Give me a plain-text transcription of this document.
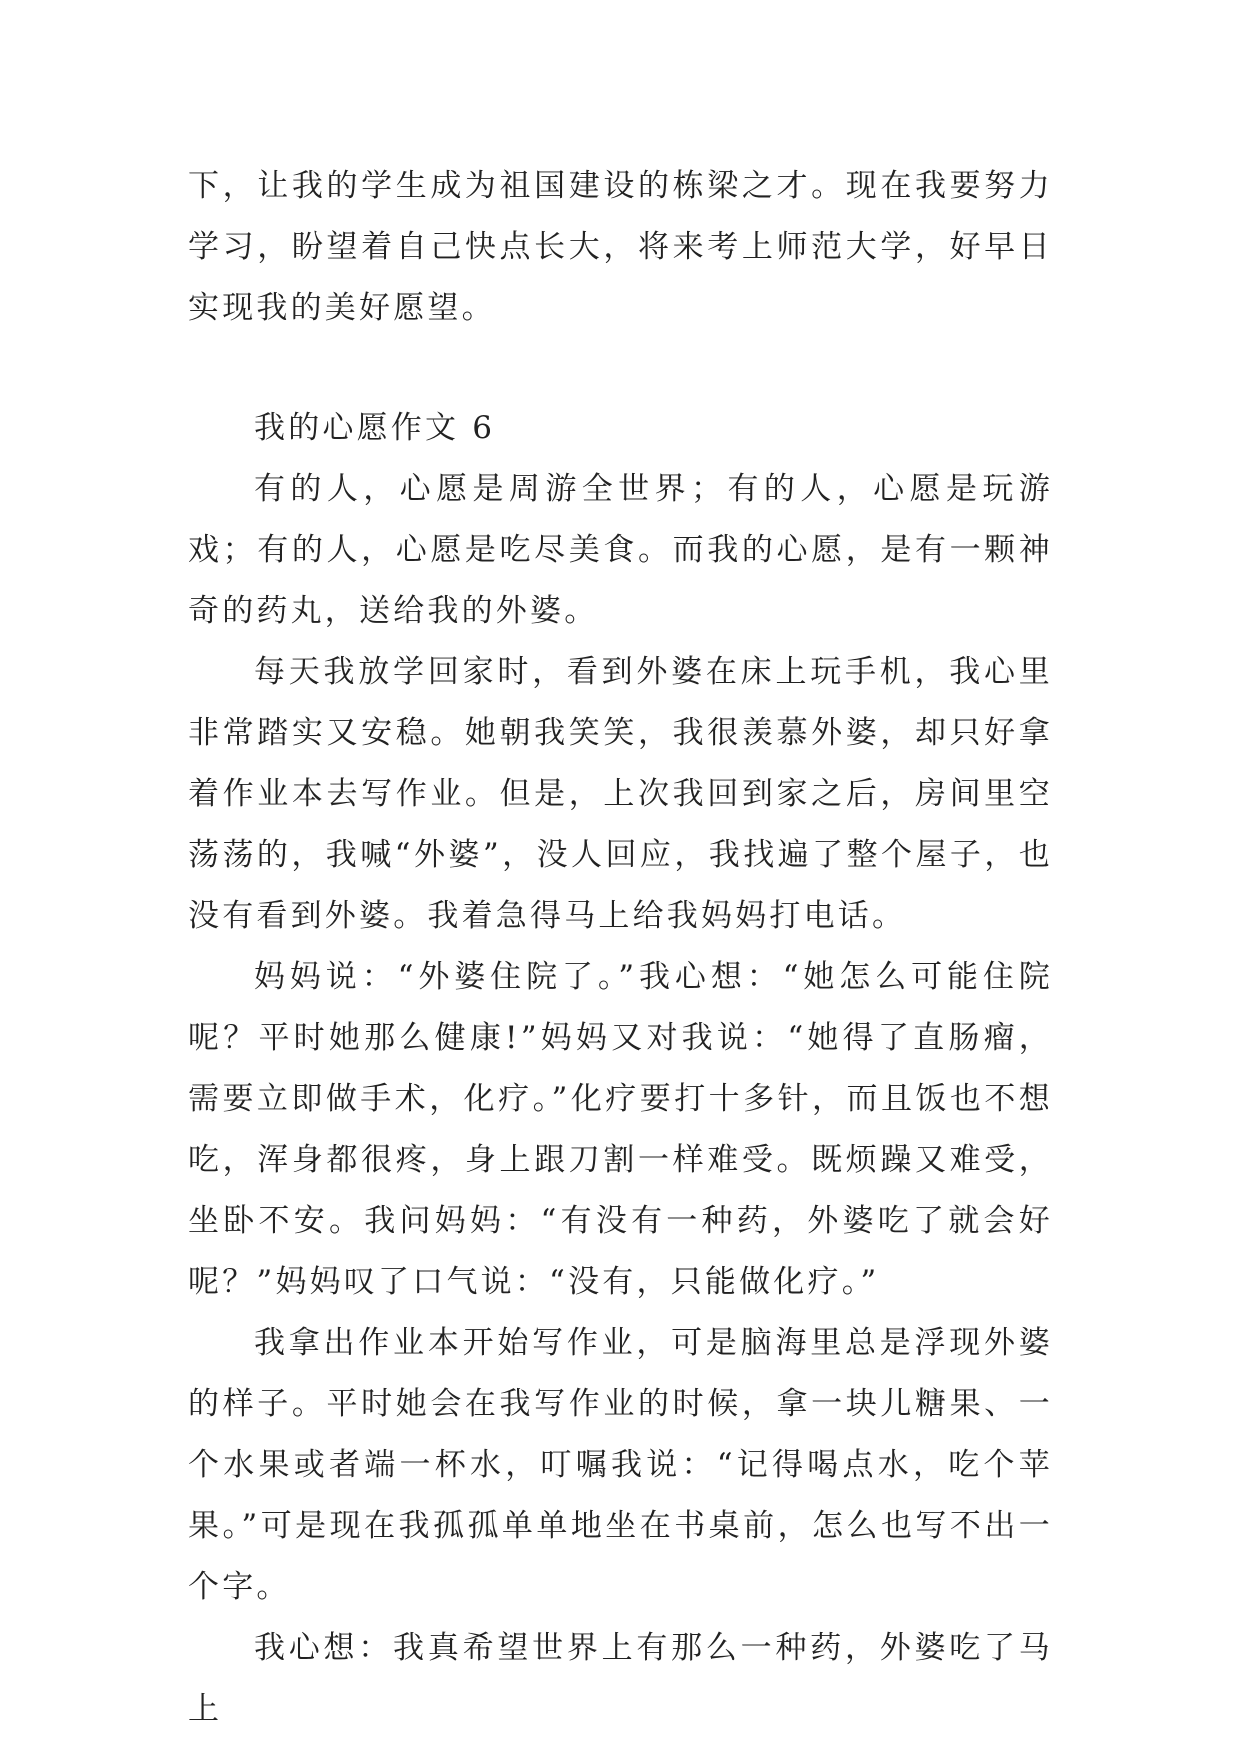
下，让我的学生成为祖国建设的栋梁之才。现在我要努力学习，盼望着自己快点长大，将来考上师范大学，好早日实现我的美好愿望。

我的心愿作文 6

有的人，心愿是周游全世界；有的人，心愿是玩游戏；有的人，心愿是吃尽美食。而我的心愿，是有一颗神奇的药丸，送给我的外婆。

每天我放学回家时，看到外婆在床上玩手机，我心里非常踏实又安稳。她朝我笑笑，我很羡慕外婆，却只好拿着作业本去写作业。但是，上次我回到家之后，房间里空荡荡的，我喊“外婆”，没人回应，我找遍了整个屋子，也没有看到外婆。我着急得马上给我妈妈打电话。

妈妈说：“外婆住院了。”我心想：“她怎么可能住院呢？平时她那么健康!”妈妈又对我说：“她得了直肠瘤，需要立即做手术，化疗。”化疗要打十多针，而且饭也不想吃，浑身都很疼，身上跟刀割一样难受。既烦躁又难受，坐卧不安。我问妈妈：“有没有一种药，外婆吃了就会好呢？”妈妈叹了口气说：“没有，只能做化疗。”

我拿出作业本开始写作业，可是脑海里总是浮现外婆的样子。平时她会在我写作业的时候，拿一块儿糖果、一个水果或者端一杯水，叮嘱我说：“记得喝点水，吃个苹果。”可是现在我孤孤单单地坐在书桌前，怎么也写不出一个字。

我心想：我真希望世界上有那么一种药，外婆吃了马上
